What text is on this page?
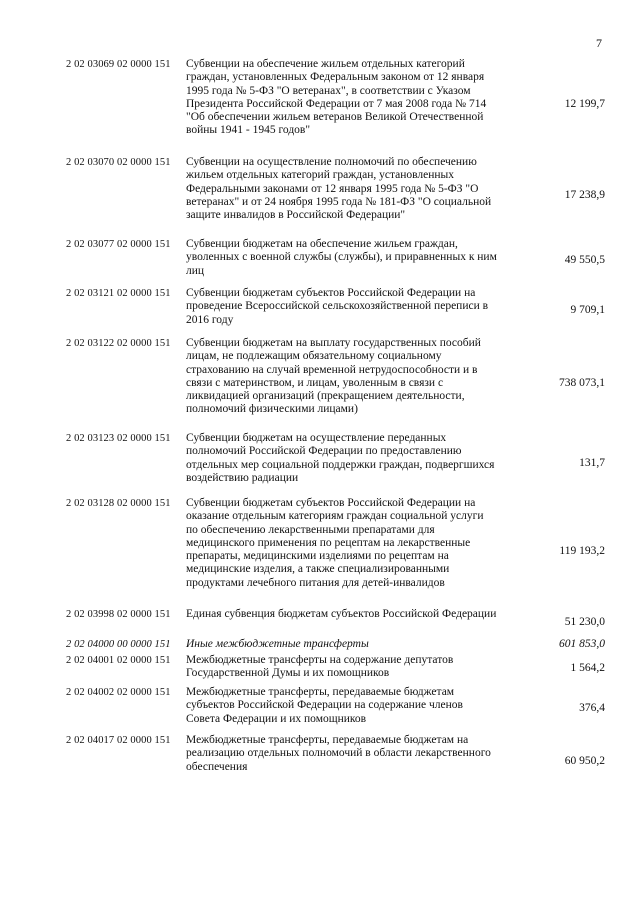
7
2 02 03069 02 0000 151	Субвенции на обеспечение жильем отдельных категорий граждан, установленных Федеральным законом от 12 января 1995 года № 5-ФЗ "О ветеранах", в соответствии с Указом Президента Российской Федерации от 7 мая 2008 года № 714 "Об обеспечении жильем ветеранов Великой Отечественной войны 1941 - 1945 годов"
12 199,7
2 02 03070 02 0000 151	Субвенции на осуществление полномочий по обеспечению жильем отдельных категорий граждан, установленных Федеральными законами от 12 января 1995 года № 5-ФЗ "О ветеранах" и от 24 ноября 1995 года № 181-ФЗ "О социальной защите инвалидов в Российской Федерации"
17 238,9
2 02 03077 02 0000 151	Субвенции бюджетам на обеспечение жильем граждан, уволенных с военной службы (службы), и приравненных к ним лиц
49 550,5
2 02 03121 02 0000 151	Субвенции бюджетам субъектов Российской Федерации на проведение Всероссийской сельскохозяйственной переписи в 2016 году
9 709,1
2 02 03122 02 0000 151	Субвенции бюджетам на выплату государственных пособий лицам, не подлежащим обязательному социальному страхованию на случай временной нетрудоспособности и в связи с материнством, и лицам, уволенным в связи с ликвидацией организаций (прекращением деятельности, полномочий физическими лицами)
738 073,1
2 02 03123 02 0000 151	Субвенции бюджетам на осуществление переданных полномочий Российской Федерации по предоставлению отдельных мер социальной поддержки граждан, подвергшихся воздействию радиации
131,7
2 02 03128 02 0000 151	Субвенции бюджетам субъектов Российской Федерации на оказание отдельным категориям граждан социальной услуги по обеспечению лекарственными препаратами для медицинского применения по рецептам на лекарственные препараты, медицинскими изделиями по рецептам на медицинские изделия, а также специализированными продуктами лечебного питания для детей-инвалидов
119 193,2
2 02 03998 02 0000 151	Единая субвенция бюджетам субъектов Российской Федерации
51 230,0
2 02 04000 00 0000 151	Иные межбюджетные трансферты	601 853,0
2 02 04001 02 0000 151	Межбюджетные трансферты на содержание депутатов Государственной Думы и их помощников	1 564,2
2 02 04002 02 0000 151	Межбюджетные трансферты, передаваемые бюджетам субъектов Российской Федерации на содержание членов Совета Федерации и их помощников
376,4
2 02 04017 02 0000 151	Межбюджетные трансферты, передаваемые бюджетам на реализацию отдельных полномочий в области лекарственного обеспечения	60 950,2
